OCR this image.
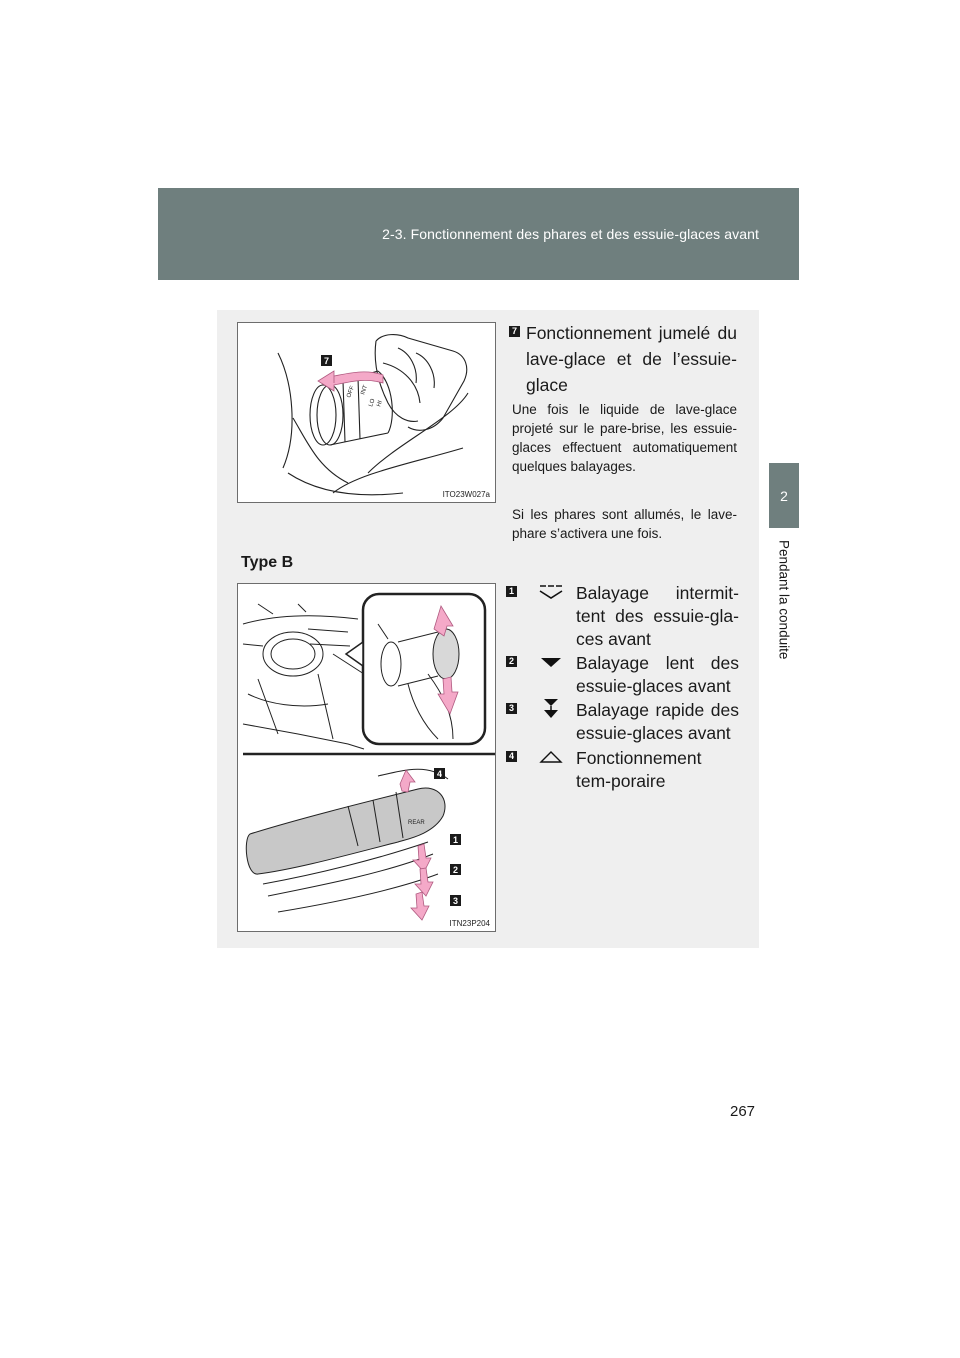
2-3. Fonctionnement des phares et des essuie-glaces avant
2
Pendant la conduite
OFF INT
LO HI
7
ITO23W027a
7 Fonctionnement jumelé du lave-glace et de l’essuie-glace
Une fois le liquide de lave-glace projeté sur le pare-brise, les essuie-glaces effectuent automatiquement quelques balayages.
Si les phares sont allumés, le lave-phare s’activera une fois.
Type B
REAR
4
1
2
3
ITN23P204
1	Balayage intermit-tent des essuie-gla-ces avant
2	Balayage lent des essuie-glaces avant
3	Balayage rapide des essuie-glaces avant
4	Fonctionnement tem-poraire
267
